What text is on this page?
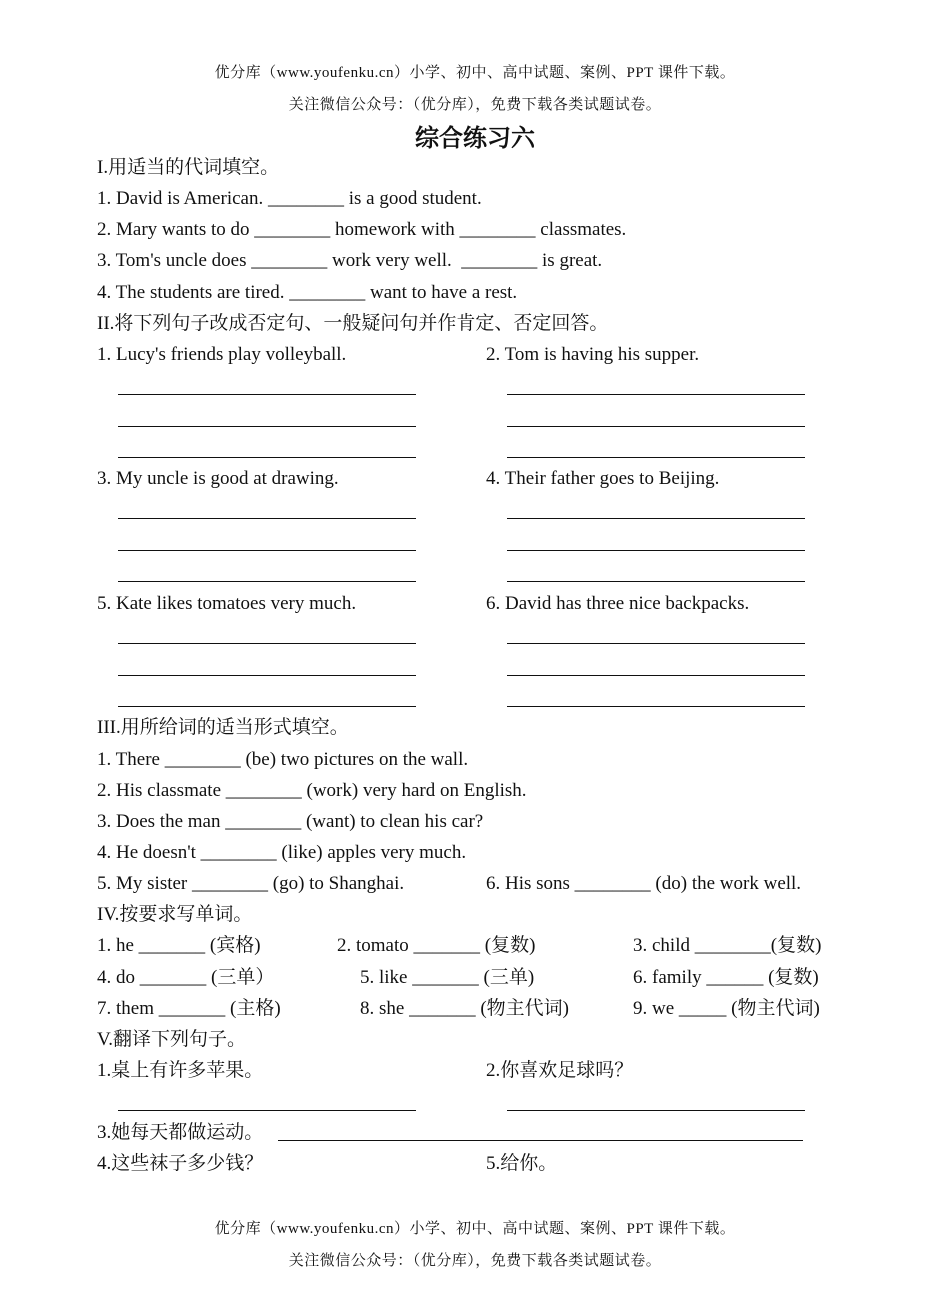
优分库（www.youfenku.cn）小学、初中、高中试题、案例、PPT 课件下载。
关注微信公众号：（优分库），免费下载各类试题试卷。
综合练习六
I.用适当的代词填空。
1. David is American. ________ is a good student.
2. Mary wants to do ________ homework with ________ classmates.
3. Tom's uncle does ________ work very well.  ________ is great.
4. The students are tired. ________ want to have a rest.
II.将下列句子改成否定句、一般疑问句并作肯定、否定回答。
1. Lucy's friends play volleyball.	2. Tom is having his supper.
3. My uncle is good at drawing.	4. Their father goes to Beijing.
5. Kate likes tomatoes very much.	6. David has three nice backpacks.
III.用所给词的适当形式填空。
1. There ________ (be) two pictures on the wall.
2. His classmate ________ (work) very hard on English.
3. Does the man ________ (want) to clean his car?
4. He doesn't ________ (like) apples very much.
5. My sister ________ (go) to Shanghai.	6. His sons ________ (do) the work well.
IV.按要求写单词。
1. he _______ (宾格)	2. tomato _______ (复数)	3. child ________(复数)
4. do _______ (三单）	5. like _______ (三单)	6. family ______ (复数)
7. them _______ (主格)	8. she _______ (物主代词)	9. we _____ (物主代词)
V.翻译下列句子。
1.桌上有许多苹果。	2.你喜欢足球吗？
3.她每天都做运动。
4.这些袜子多少钱？	5.给你。
优分库（www.youfenku.cn）小学、初中、高中试题、案例、PPT 课件下载。
关注微信公众号：（优分库），免费下载各类试题试卷。
